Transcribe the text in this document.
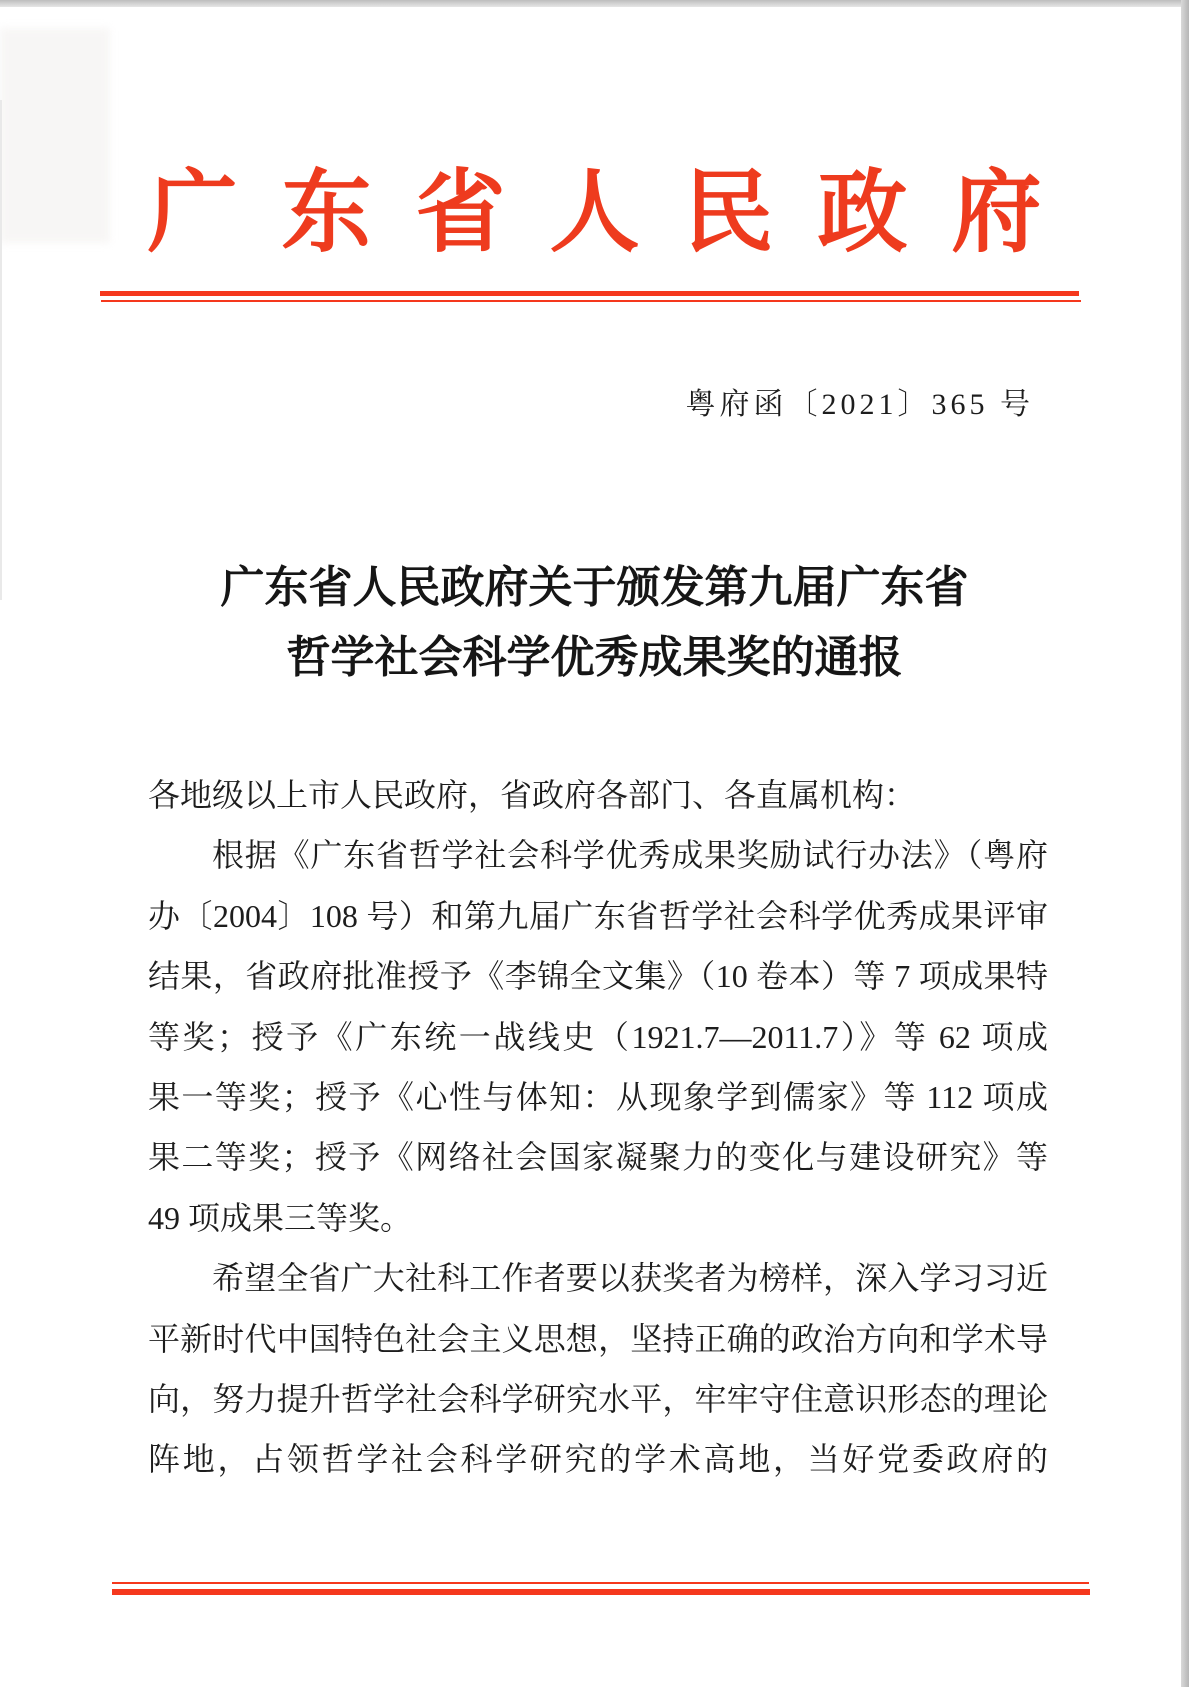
广东省人民政府
粤府函〔2021〕365 号
广东省人民政府关于颁发第九届广东省
哲学社会科学优秀成果奖的通报
各地级以上市人民政府，省政府各部门、各直属机构：
根据《广东省哲学社会科学优秀成果奖励试行办法》（粤府
办〔2004〕108 号）和第九届广东省哲学社会科学优秀成果评审
结果，省政府批准授予《李锦全文集》（10 卷本）等 7 项成果特
等奖；授予《广东统一战线史（1921.7—2011.7）》等 62 项成
果一等奖；授予《心性与体知：从现象学到儒家》等 112 项成
果二等奖；授予《网络社会国家凝聚力的变化与建设研究》等
49 项成果三等奖。
希望全省广大社科工作者要以获奖者为榜样，深入学习习近
平新时代中国特色社会主义思想，坚持正确的政治方向和学术导
向，努力提升哲学社会科学研究水平，牢牢守住意识形态的理论
阵地，占领哲学社会科学研究的学术高地，当好党委政府的
